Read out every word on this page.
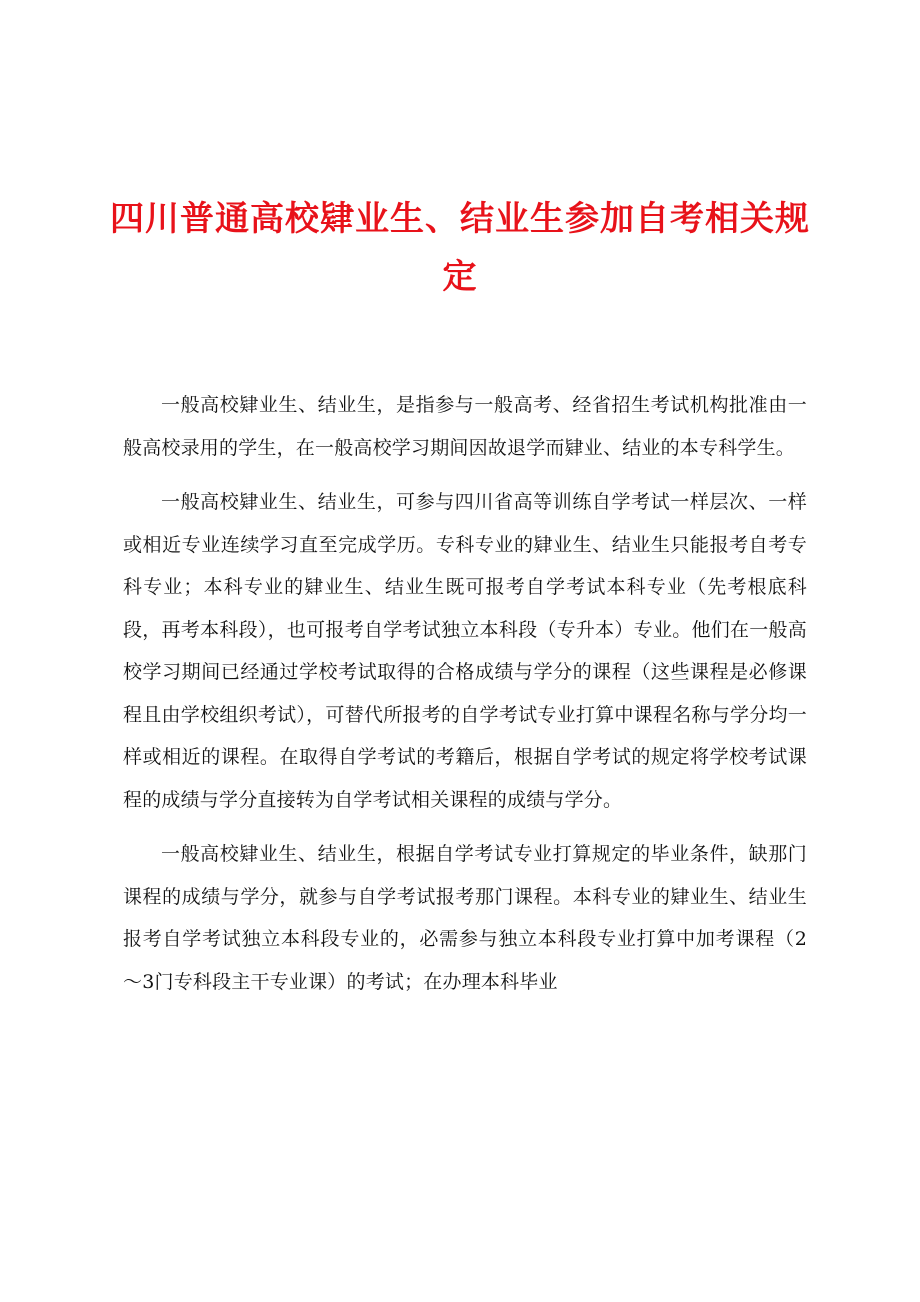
四川普通高校肄业生、结业生参加自考相关规定

一般高校肄业生、结业生，是指参与一般高考、经省招生考试机构批准由一般高校录用的学生，在一般高校学习期间因故退学而肄业、结业的本专科学生。

一般高校肄业生、结业生，可参与四川省高等训练自学考试一样层次、一样或相近专业连续学习直至完成学历。专科专业的肄业生、结业生只能报考自考专科专业；本科专业的肄业生、结业生既可报考自学考试本科专业（先考根底科段，再考本科段），也可报考自学考试独立本科段（专升本）专业。他们在一般高校学习期间已经通过学校考试取得的合格成绩与学分的课程（这些课程是必修课程且由学校组织考试），可替代所报考的自学考试专业打算中课程名称与学分均一样或相近的课程。在取得自学考试的考籍后，根据自学考试的规定将学校考试课程的成绩与学分直接转为自学考试相关课程的成绩与学分。

一般高校肄业生、结业生，根据自学考试专业打算规定的毕业条件，缺那门课程的成绩与学分，就参与自学考试报考那门课程。本科专业的肄业生、结业生报考自学考试独立本科段专业的，必需参与独立本科段专业打算中加考课程（2～3门专科段主干专业课）的考试；在办理本科毕业
